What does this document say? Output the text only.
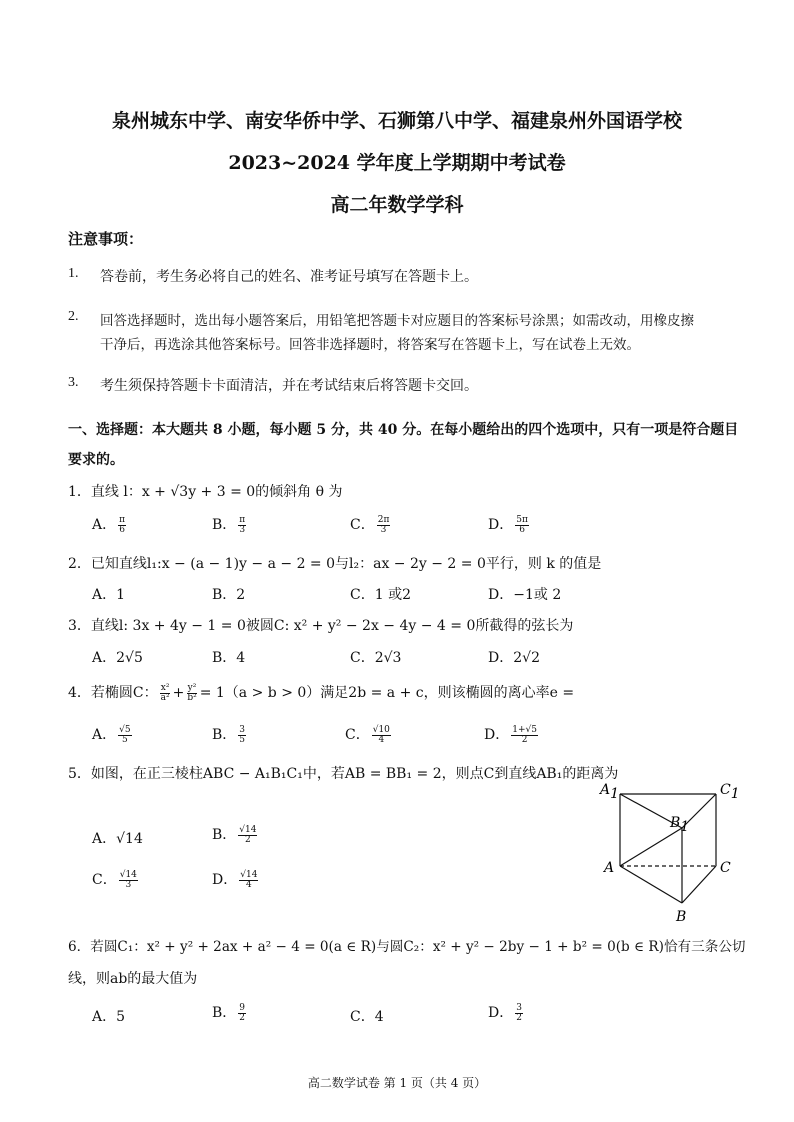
泉州城东中学、南安华侨中学、石狮第八中学、福建泉州外国语学校
2023~2024 学年度上学期期中考试卷
高二年数学学科
注意事项：
1. 答卷前，考生务必将自己的姓名、准考证号填写在答题卡上。
2. 回答选择题时，选出每小题答案后，用铅笔把答题卡对应题目的答案标号涂黑；如需改动，用橡皮擦
干净后，再选涂其他答案标号。回答非选择题时，将答案写在答题卡上，写在试卷上无效。
3. 考生须保持答题卡卡面清洁，并在考试结束后将答题卡交回。
一、选择题：本大题共 8 小题，每小题 5 分，共 40 分。在每小题给出的四个选项中，只有一项是符合题目
要求的。
1．直线 l：x + √3y + 3 = 0的倾斜角 θ 为
A． $\frac{\pi}{6}$	B． $\frac{\pi}{3}$	C． $\frac{2\pi}{3}$	D． $\frac{5\pi}{6}$
2．已知直线l₁:x − (a − 1)y − a − 2 = 0与l₂：ax − 2y − 2 = 0平行，则 k 的值是
A．1	B．2	C．1 或2	D．−1或 2
3．直线l: 3x + 4y − 1 = 0被圆C: x² + y² − 2x − 4y − 4 = 0所截得的弦长为
A．2√5	B．4	C．2√3	D．2√2
4．若椭圆C： $\frac{\text{x²}}{\text{a²}} + \frac{\text{y²}}{\text{b²}} = 1(a > b > 0)$满足2b = a + c，则该椭圆的离心率e =
A． $\frac{√5}{5}$	B． $\frac{3}{5}$	C． $\frac{√10}{4}$	D． $\frac{1+√5}{2}$
5．如图，在正三棱柱ABC − A₁B₁C₁中，若AB = BB₁ = 2，则点C到直线AB₁的距离为
A．√14	B． $\frac{√14}{2}$
C． $\frac{√14}{3}$	D． $\frac{√14}{4}$
A1	C1
B1
A	C
B
6．若圆C₁：x² + y² + 2ax + a² − 4 = 0(a ∈ R)与圆C₂：x² + y² − 2by − 1 + b² = 0(b ∈ R)恰有三条公切
线，则ab的最大值为
A．5	B． $\frac{9}{2}$	C．4	D． $\frac{3}{2}$
高二数学试卷 第 1 页（共 4 页）
